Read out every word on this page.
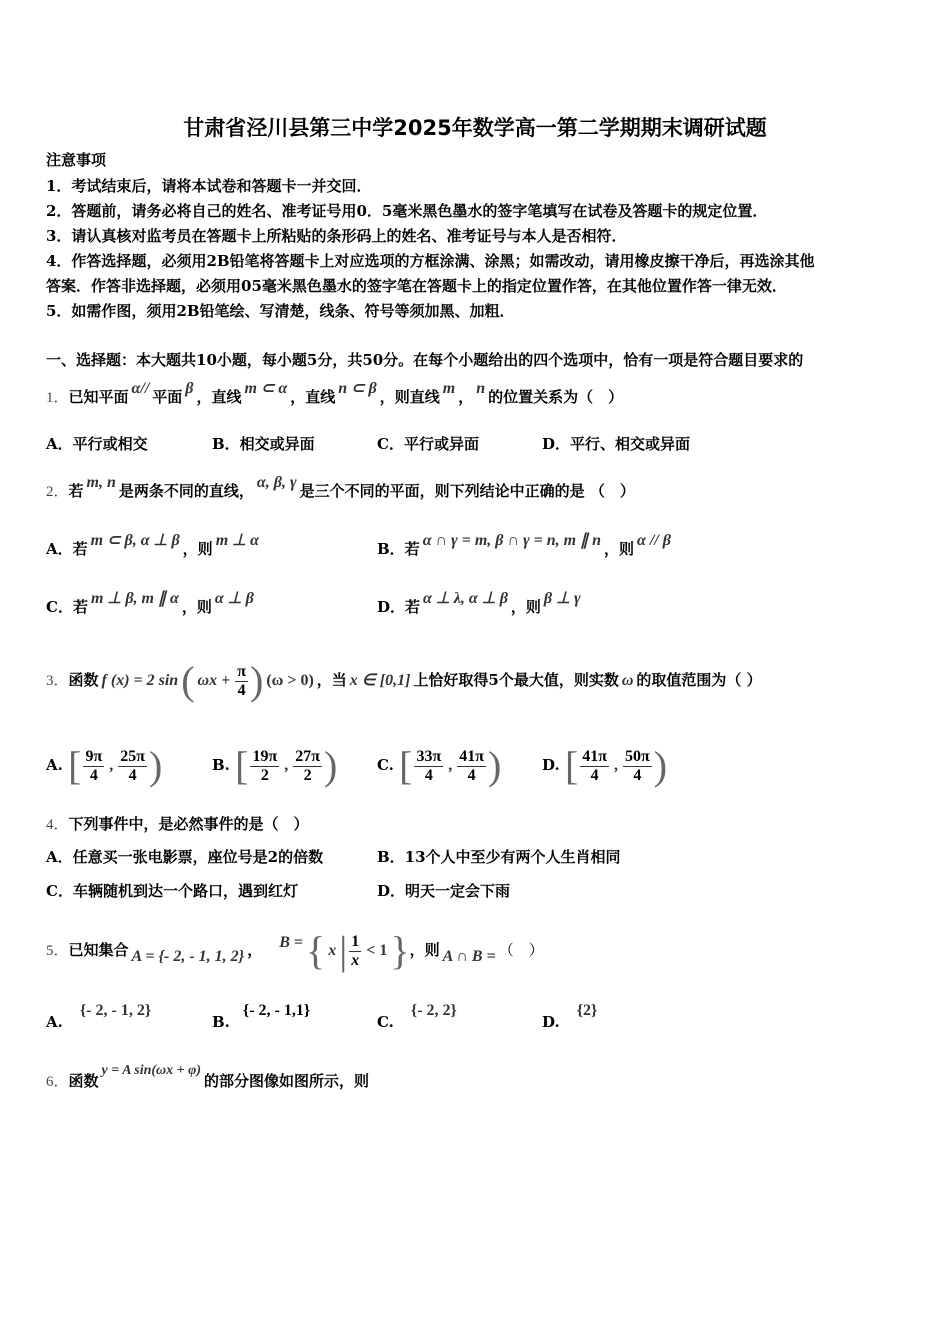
甘肃省泾川县第三中学2025年数学高一第二学期期末调研试题
注意事项
1．考试结束后，请将本试卷和答题卡一并交回．
2．答题前，请务必将自己的姓名、准考证号用0．5毫米黑色墨水的签字笔填写在试卷及答题卡的规定位置．
3．请认真核对监考员在答题卡上所粘贴的条形码上的姓名、准考证号与本人是否相符．
4．作答选择题，必须用2B铅笔将答题卡上对应选项的方框涂满、涂黑；如需改动，请用橡皮擦干净后，再选涂其他
答案．作答非选择题，必须用05毫米黑色墨水的签字笔在答题卡上的指定位置作答，在其他位置作答一律无效．
5．如需作图，须用2B铅笔绘、写清楚，线条、符号等须加黑、加粗．
一、选择题：本大题共10小题，每小题5分，共50分。在每个小题给出的四个选项中，恰有一项是符合题目要求的
1．已知平面 α// 平面 β ，直线 m ⊂ α ，直线 n ⊂ β ，则直线 m ， n 的位置关系为（　）
A．平行或相交	B．相交或异面	C．平行或异面	D．平行、相交或异面
2．若 m, n 是两条不同的直线， α, β, γ 是三个不同的平面，则下列结论中正确的是 （　）
A．若 m ⊂ β, α ⊥ β ，则 m ⊥ α	B．若 α ∩ γ = m, β ∩ γ = n, m ∥ n ，则 α // β
C．若 m ⊥ β, m ∥ α ，则 α ⊥ β	D．若 α ⊥ λ, α ⊥ β ，则 β ⊥ γ
3．函数 f (x) = 2 sin( $\omega x + \frac{\pi}{4}$ ) (ω > 0) ，当 x ∈ [0,1] 上恰好取得5个最大值，则实数 ω 的取值范围为（ ）
A. [ $\frac{9\pi}{4}$ , $\frac{25\pi}{4}$ )	B. [ $\frac{19\pi}{2}$ , $\frac{27\pi}{2}$ )	C. [ $\frac{33\pi}{4}$ , $\frac{41\pi}{4}$ )	D. [ $\frac{41\pi}{4}$ , $\frac{50\pi}{4}$ )
4．下列事件中，是必然事件的是（　）
A．任意买一张电影票，座位号是2的倍数	B．13个人中至少有两个人生肖相同
C．车辆随机到达一个路口，遇到红灯	D．明天一定会下雨
5．已知集合 A = {- 2, - 1, 1, 2} ， B ={ $x| \frac{1}{x} < 1$}，则 A ∩ B = （　）
A.{- 2, - 1, 2}
B.{- 2, - 1,1}
C.{- 2, 2}
D.{2}
6．函数y = A sin(ωx + φ)的部分图像如图所示，则
